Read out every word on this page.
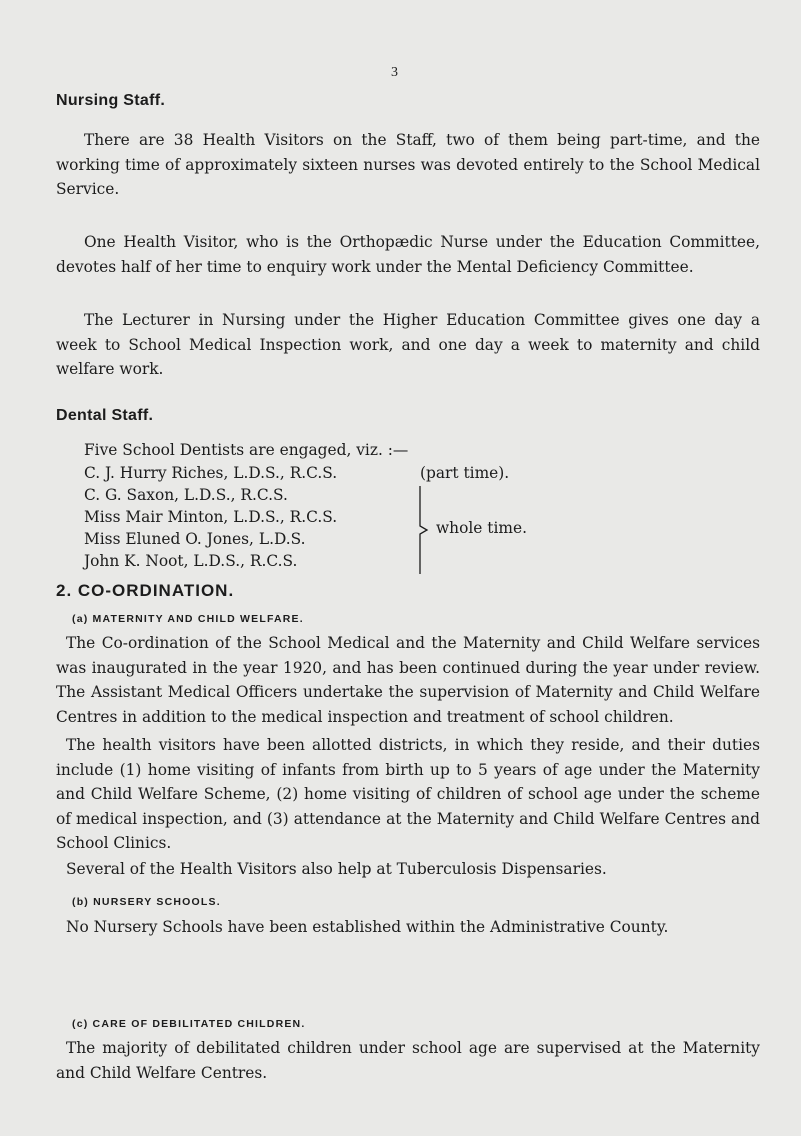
3
Nursing Staff.

There are 38 Health Visitors on the Staff, two of them being part-time, and the working time of approximately sixteen nurses was devoted entirely to the School Medical Service.

One Health Visitor, who is the Orthopædic Nurse under the Education Committee, devotes half of her time to enquiry work under the Mental Deficiency Committee.

The Lecturer in Nursing under the Higher Education Committee gives one day a week to School Medical Inspection work, and one day a week to maternity and child welfare work.

Dental Staff.
Five School Dentists are engaged, viz. :—
C. J. Hurry Riches, L.D.S., R.C.S.	(part time).
C. G. Saxon, L.D.S., R.C.S.
Miss Mair Minton, L.D.S., R.C.S.
Miss Eluned O. Jones, L.D.S.
John K. Noot, L.D.S., R.C.S.
whole time.
2. CO-ORDINATION.
(a) MATERNITY AND CHILD WELFARE.

The Co-ordination of the School Medical and the Maternity and Child Welfare services was inaugurated in the year 1920, and has been continued during the year under review. The Assistant Medical Officers undertake the supervision of Maternity and Child Welfare Centres in addition to the medical inspection and treatment of school children.

The health visitors have been allotted districts, in which they reside, and their duties include (1) home visiting of infants from birth up to 5 years of age under the Maternity and Child Welfare Scheme, (2) home visiting of children of school age under the scheme of medical inspection, and (3) attendance at the Maternity and Child Welfare Centres and School Clinics.

Several of the Health Visitors also help at Tuberculosis Dispensaries.

(b) NURSERY SCHOOLS.

No Nursery Schools have been established within the Administrative County.

(c) CARE OF DEBILITATED CHILDREN.

The majority of debilitated children under school age are supervised at the Maternity and Child Welfare Centres.
